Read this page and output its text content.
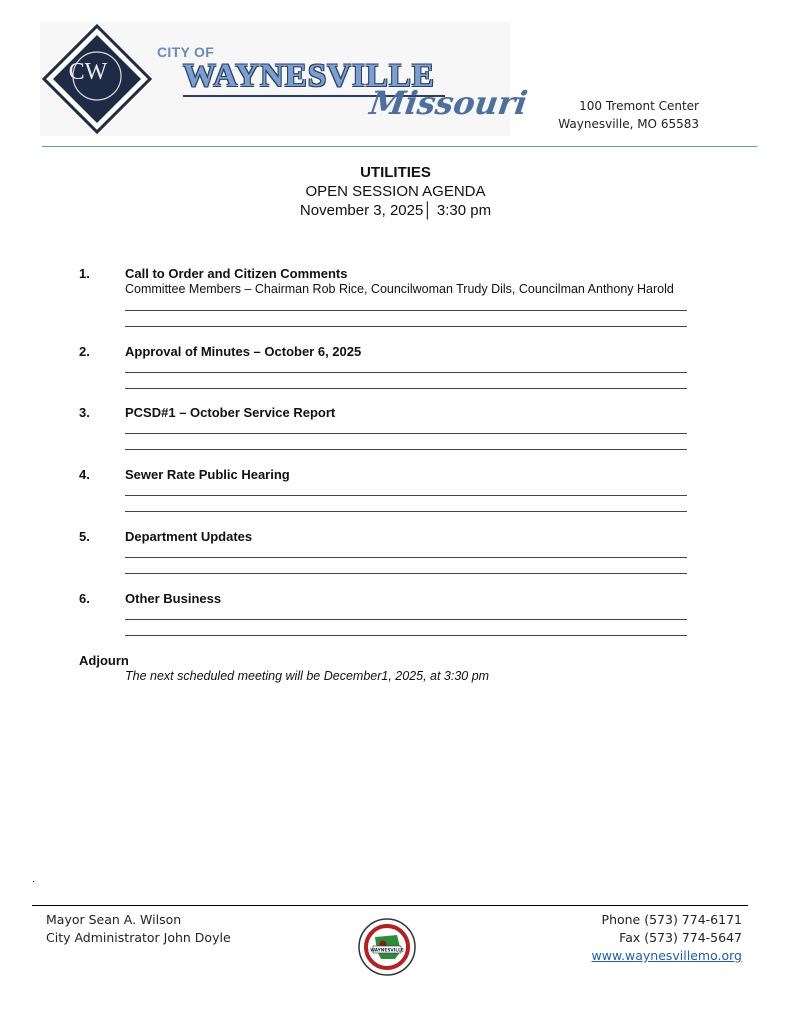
CW
CITY OF
WAYNESVILLE
Missouri	100 Tremont Center
Waynesville, MO 65583
UTILITIES
OPEN SESSION AGENDA
November 3, 2025│ 3:30 pm
1.	Call to Order and Citizen Comments
Committee Members – Chairman Rob Rice, Councilwoman Trudy Dils, Councilman Anthony Harold
2.	Approval of Minutes – October 6, 2025
3.	PCSD#1 – October Service Report
4.	Sewer Rate Public Hearing
5.	Department Updates
6.	Other Business
Adjourn
The next scheduled meeting will be December1, 2025, at 3:30 pm
.
Mayor Sean A. Wilson
City Administrator John Doyle
WAYNESVILLE
Phone (573) 774-6171
Fax (573) 774-5647
www.waynesvillemo.org
